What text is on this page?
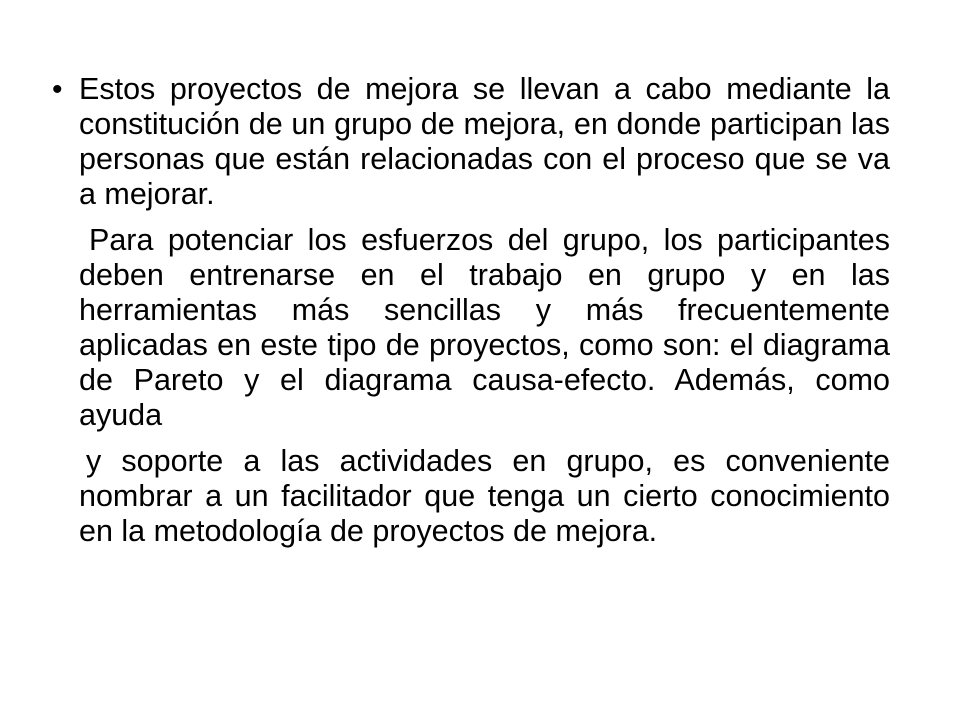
• Estos proyectos de mejora se llevan a cabo mediante la constitución de un grupo de mejora, en donde participan las personas que están relacionadas con el proceso que se va a mejorar.

Para potenciar los esfuerzos del grupo, los participantes deben entrenarse en el trabajo en grupo y en las herramientas más sencillas y más frecuentemente aplicadas en este tipo de proyectos, como son: el diagrama de Pareto y el diagrama causa-efecto. Además, como ayuda

y soporte a las actividades en grupo, es conveniente nombrar a un facilitador que tenga un cierto conocimiento en la metodología de proyectos de mejora.
